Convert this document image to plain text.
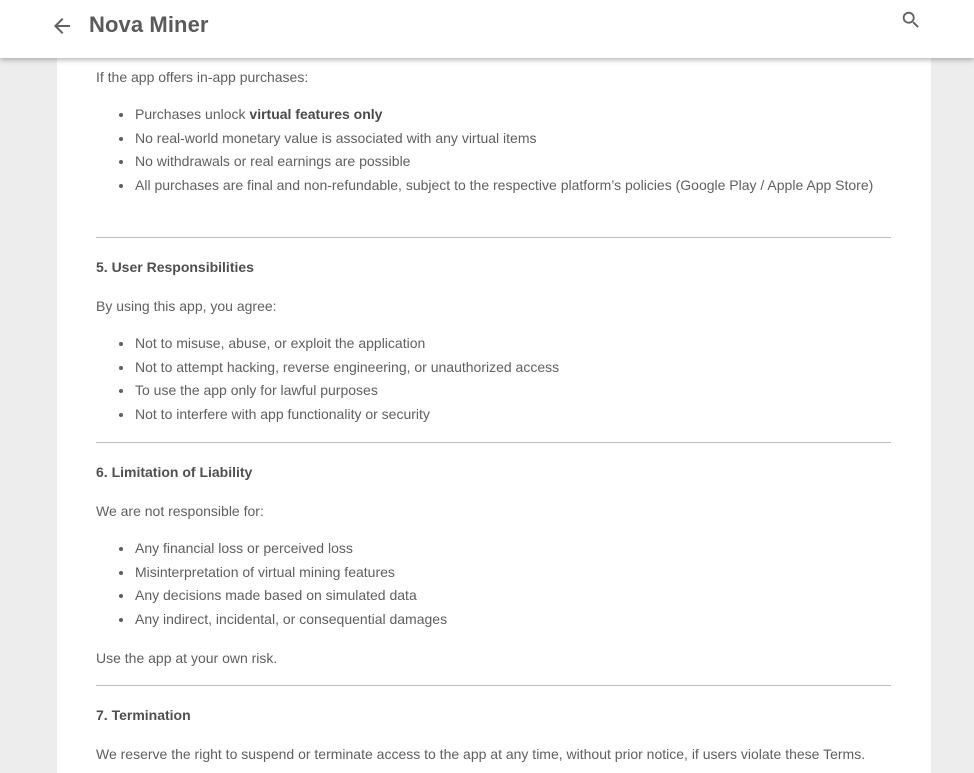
Nova Miner

If the app offers in-app purchases:

Purchases unlock virtual features only
No real-world monetary value is associated with any virtual items
No withdrawals or real earnings are possible
All purchases are final and non-refundable, subject to the respective platform’s policies (Google Play / Apple App Store)
5. User Responsibilities

By using this app, you agree:

Not to misuse, abuse, or exploit the application
Not to attempt hacking, reverse engineering, or unauthorized access
To use the app only for lawful purposes
Not to interfere with app functionality or security
6. Limitation of Liability

We are not responsible for:

Any financial loss or perceived loss
Misinterpretation of virtual mining features
Any decisions made based on simulated data
Any indirect, incidental, or consequential damages

Use the app at your own risk.

7. Termination

We reserve the right to suspend or terminate access to the app at any time, without prior notice, if users violate these Terms.
